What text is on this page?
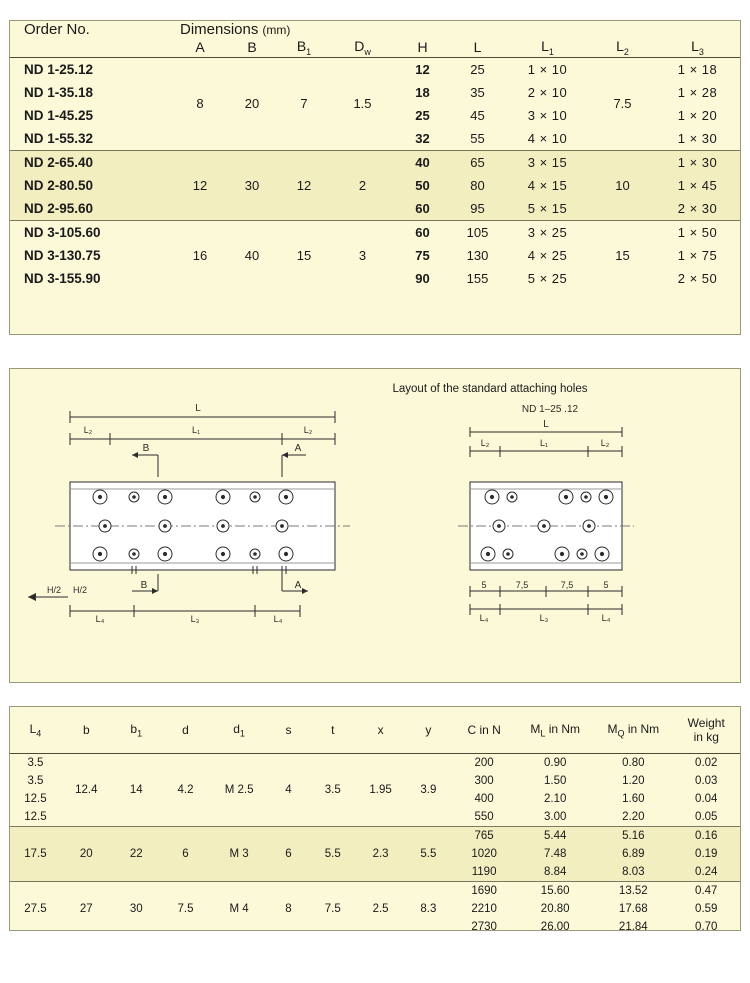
Order No.	Dimensions (mm)								
	A	B	$B_1$	$D_w$	H	L	$L_1$	$L_2$	$L_3$

ND 1-25.12	8	20	7	1.5	12	25	1 × 10	7.5	1 × 18
ND 1-35.18					18	35	2 × 10		1 × 28
ND 1-45.25					25	45	3 × 10		1 × 20
ND 1-55.32					32	55	4 × 10		1 × 30

ND 2-65.40	12	30	12	2	40	65	3 × 15	10	1 × 30
ND 2-80.50					50	80	4 × 15		1 × 45
ND 2-95.60					60	95	5 × 15		2 × 30

ND 3-105.60	16	40	15	3	60	105	3 × 25	15	1 × 50
ND 3-130.75					75	130	4 × 25		1 × 75
ND 3-155.90					90	155	5 × 25		2 × 50
Layout of the standard attaching holes
L
L₂	L₁	L₂
B	A
B	A
H/2 H/2
L₄	L₃	L₄
ND 1–25 .12
L
L₂	L₁	L₂
5	7,5	7,5	5
L₄	L₃	L₄
$L_4$	b	$b_1$	d	$d_1$	s	t	x	y	C in N	$M_L$ in Nm	$M_Q$ in Nm	Weight
in kg

3.5	12.4	14	4.2	M 2.5	4	3.5	1.95	3.9	200	0.90	0.80	0.02
3.5									300	1.50	1.20	0.03
12.5									400	2.10	1.60	0.04
12.5									550	3.00	2.20	0.05

17.5	20	22	6	M 3	6	5.5	2.3	5.5	765	5.44	5.16	0.16
									1020	7.48	6.89	0.19
									1190	8.84	8.03	0.24

27.5	27	30	7.5	M 4	8	7.5	2.5	8.3	1690	15.60	13.52	0.47
									2210	20.80	17.68	0.59
									2730	26.00	21.84	0.70
